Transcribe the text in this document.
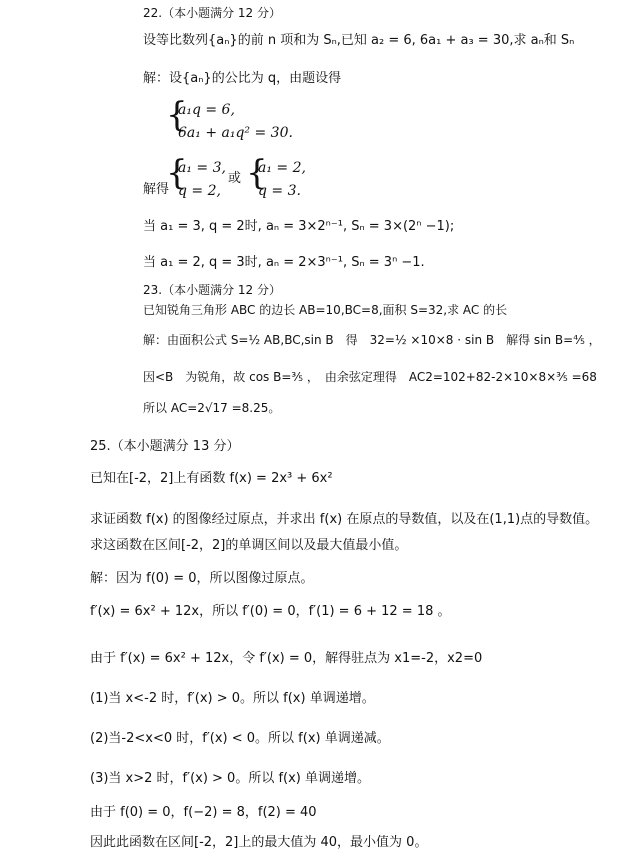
22.（本小题满分 12 分）
设等比数列{aₙ}的前 n 项和为 Sₙ,已知 a₂ = 6, 6a₁ + a₃ = 30,求 aₙ和 Sₙ
解：设{aₙ}的公比为 q，由题设得
{
a₁q = 6,
6a₁ + a₁q² = 30.
解得
{
a₁ = 3,
q = 2,
或 {
a₁ = 2,
q = 3.
当 a₁ = 3, q = 2时, aₙ = 3×2ⁿ⁻¹, Sₙ = 3×(2ⁿ −1);
当 a₁ = 2, q = 3时, aₙ = 2×3ⁿ⁻¹, Sₙ = 3ⁿ −1.
23.（本小题满分 12 分）
已知锐角三角形 ABC 的边长 AB=10,BC=8,面积 S=32,求 AC 的长
解：由面积公式 S=½ AB,BC,sin B　得　32=½ ×10×8 · sin B　解得 sin B=⅘ ，
因<B　为锐角，故 cos B=⅗ ，　由余弦定理得　AC2=102+82-2×10×8×⅗ =68
所以 AC=2√17 =8.25。
25.（本小题满分 13 分）
已知在[-2，2]上有函数 f(x) = 2x³ + 6x²
求证函数 f(x) 的图像经过原点，并求出 f(x) 在原点的导数值，以及在(1,1)点的导数值。
求这函数在区间[-2，2]的单调区间以及最大值最小值。
解：因为 f(0) = 0，所以图像过原点。
f′(x) = 6x² + 12x，所以 f′(0) = 0，f′(1) = 6 + 12 = 18 。
由于 f′(x) = 6x² + 12x，令 f′(x) = 0，解得驻点为 x1=-2，x2=0
(1)当 x<-2 时，f′(x) > 0。所以 f(x) 单调递增。
(2)当-2<x<0 时，f′(x) < 0。所以 f(x) 单调递减。
(3)当 x>2 时，f′(x) > 0。所以 f(x) 单调递增。
由于 f(0) = 0，f(−2) = 8，f(2) = 40
因此此函数在区间[-2，2]上的最大值为 40，最小值为 0。
